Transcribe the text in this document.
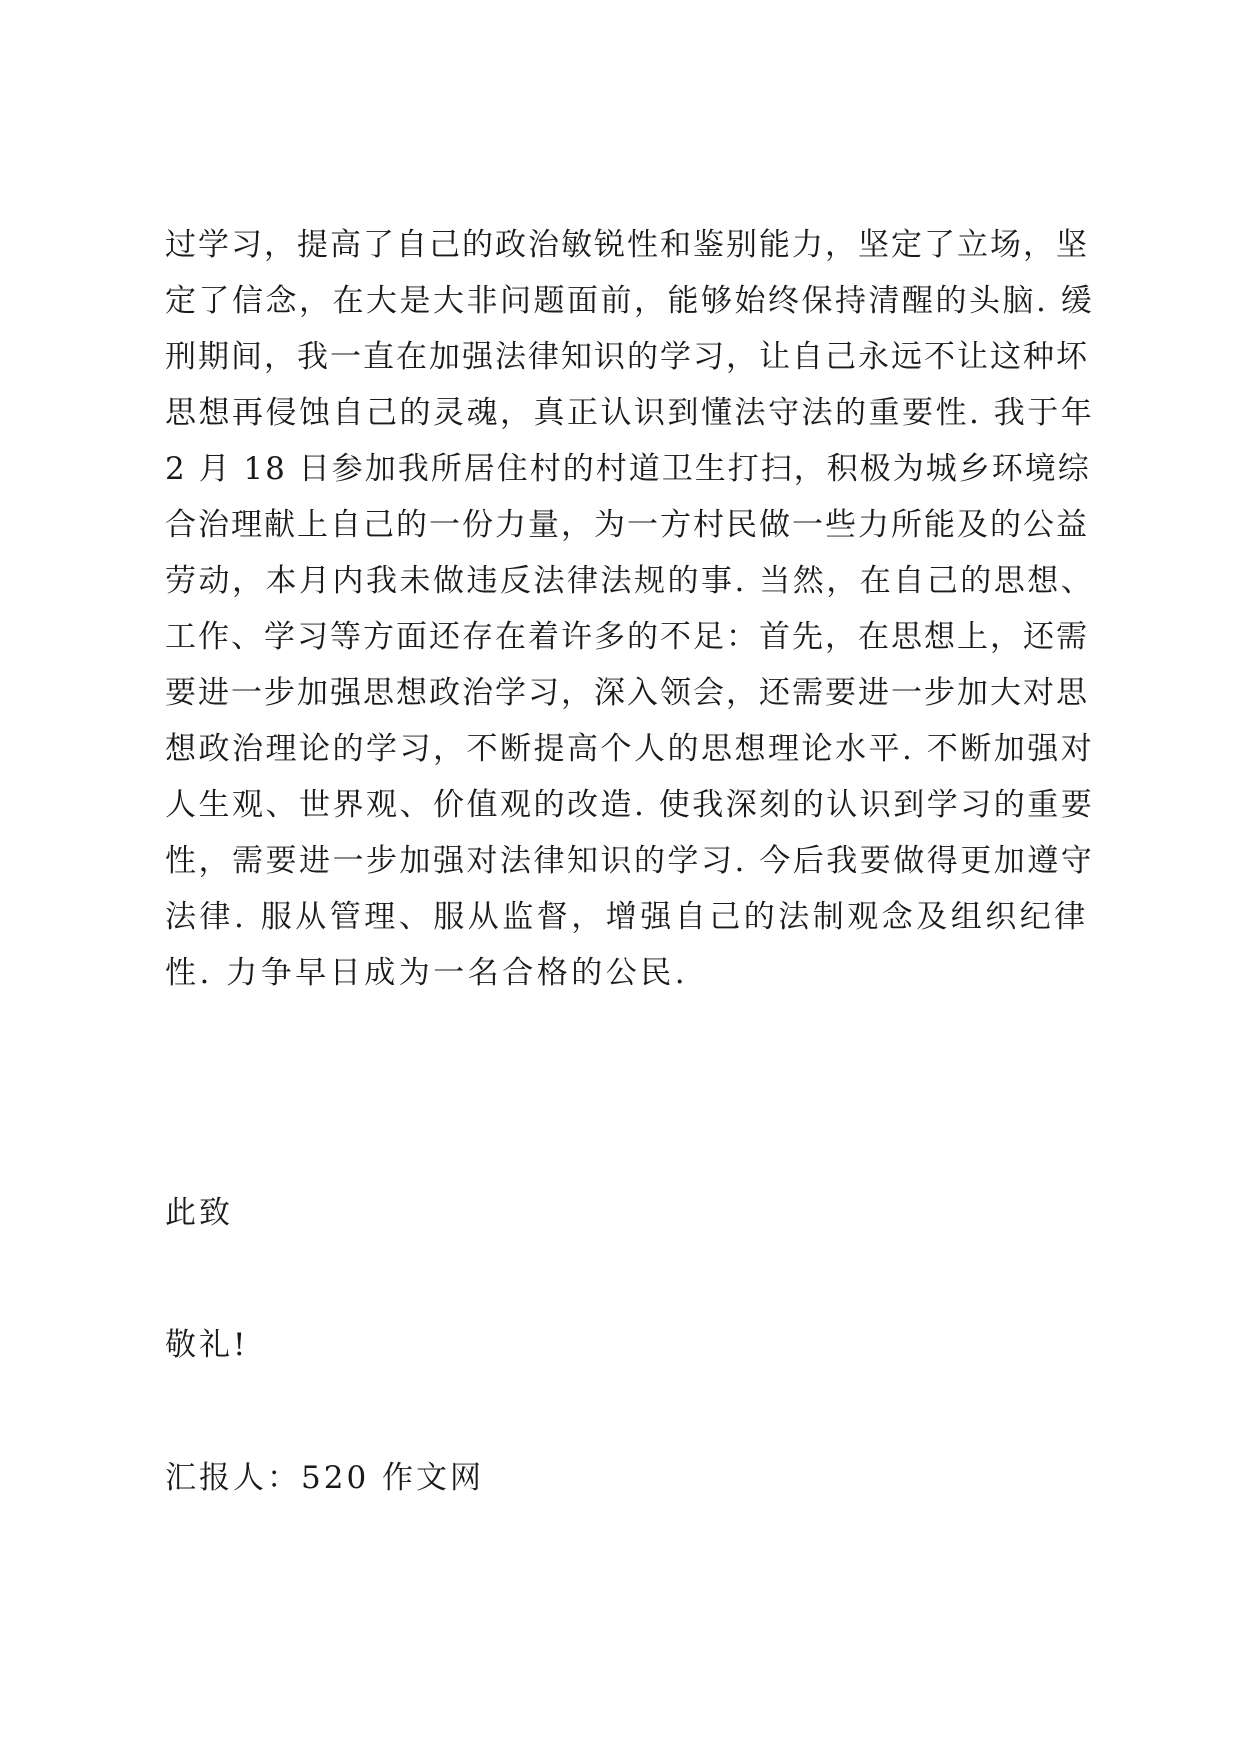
过学习，提高了自己的政治敏锐性和鉴别能力，坚定了立场，坚
定了信念，在大是大非问题面前，能够始终保持清醒的头脑. 缓
刑期间，我一直在加强法律知识的学习，让自己永远不让这种坏
思想再侵蚀自己的灵魂，真正认识到懂法守法的重要性. 我于年
2 月 18 日参加我所居住村的村道卫生打扫，积极为城乡环境综
合治理献上自己的一份力量，为一方村民做一些力所能及的公益
劳动，本月内我未做违反法律法规的事. 当然，在自己的思想、
工作、学习等方面还存在着许多的不足：首先，在思想上，还需
要进一步加强思想政治学习，深入领会，还需要进一步加大对思
想政治理论的学习，不断提高个人的思想理论水平. 不断加强对
人生观、世界观、价值观的改造. 使我深刻的认识到学习的重要
性，需要进一步加强对法律知识的学习. 今后我要做得更加遵守
法律. 服从管理、服从监督，增强自己的法制观念及组织纪律
性. 力争早日成为一名合格的公民.
此致
敬礼!
汇报人：520 作文网
